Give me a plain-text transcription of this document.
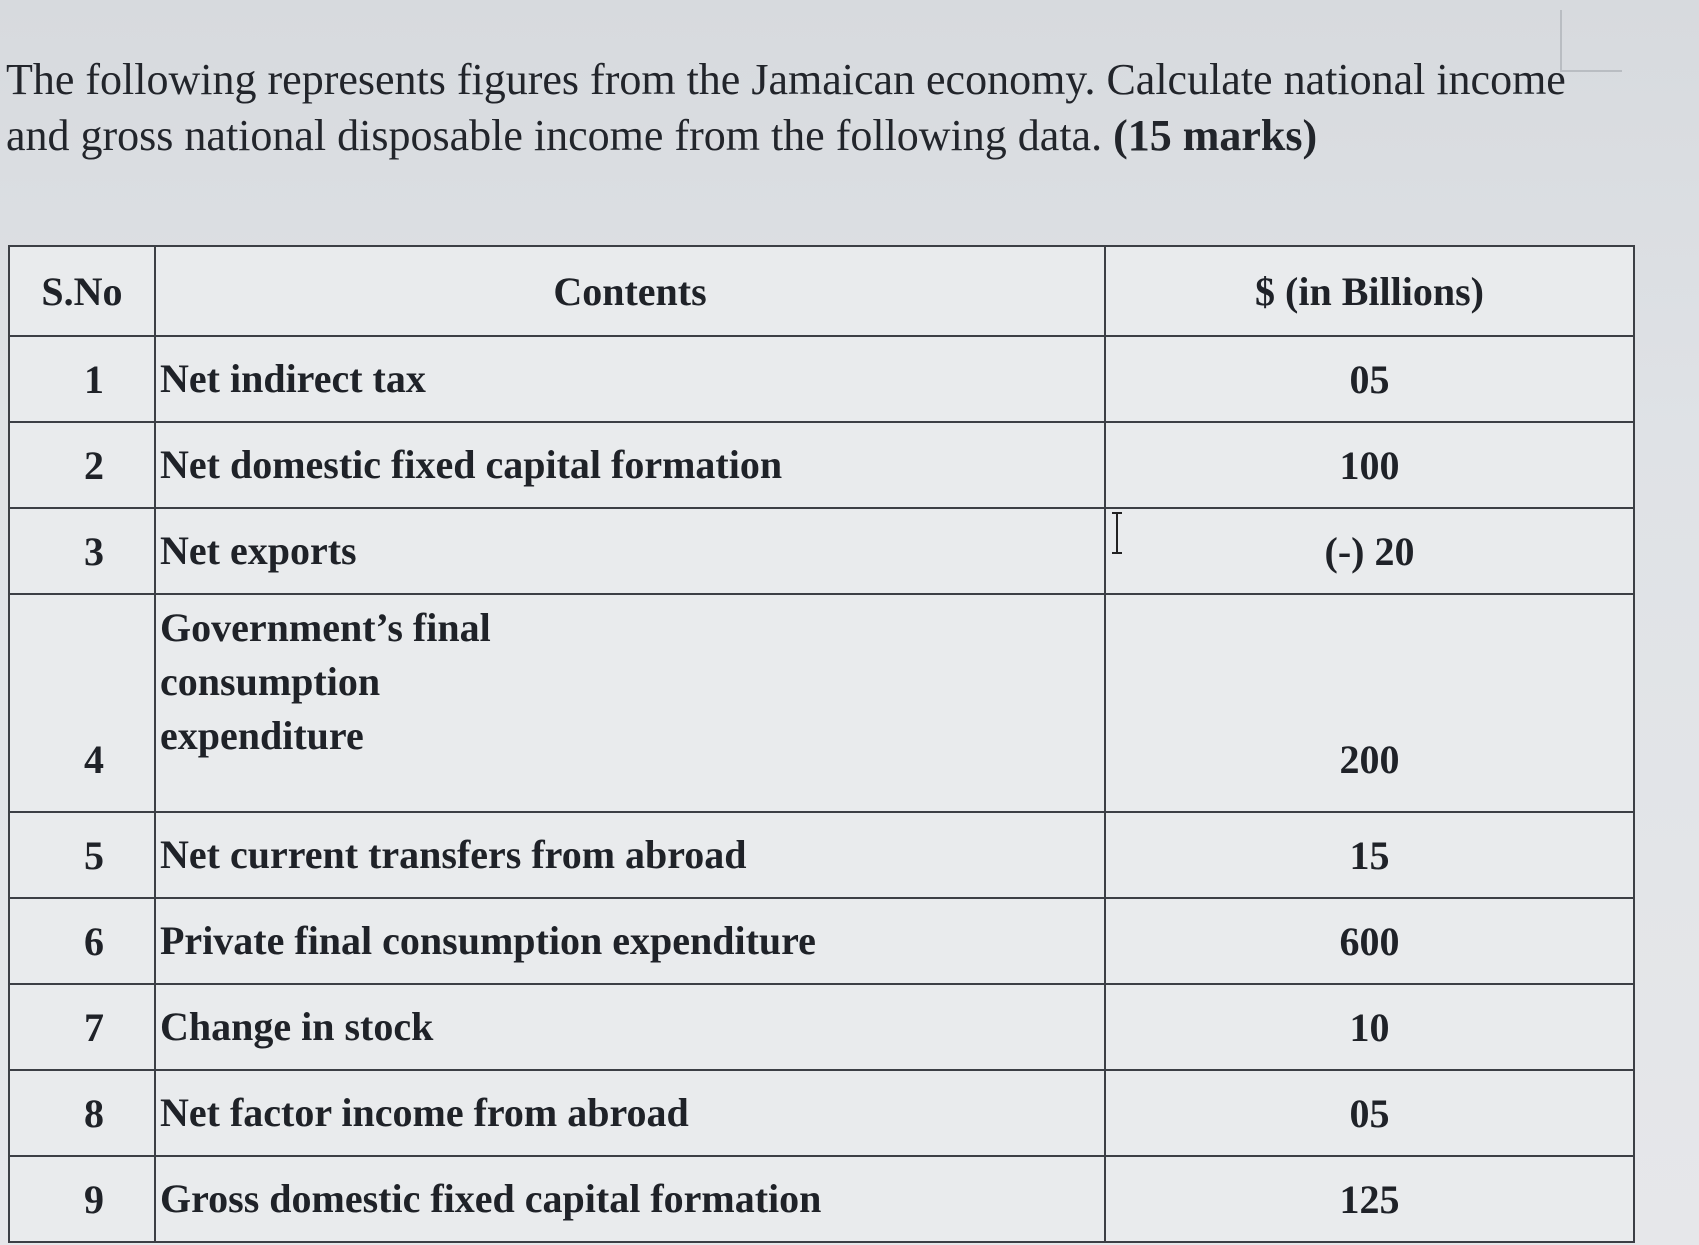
The following represents figures from the Jamaican economy. Calculate national income and gross national disposable income from the following data. (15 marks)

S.No	Contents	$ (in Billions)
1	Net indirect tax	05
2	Net domestic fixed capital formation	100
3	Net exports	(-) 20
4	Government’s final consumption expenditure	200
5	Net current transfers from abroad	15
6	Private final consumption expenditure	600
7	Change in stock	10
8	Net factor income from abroad	05
9	Gross domestic fixed capital formation	125
